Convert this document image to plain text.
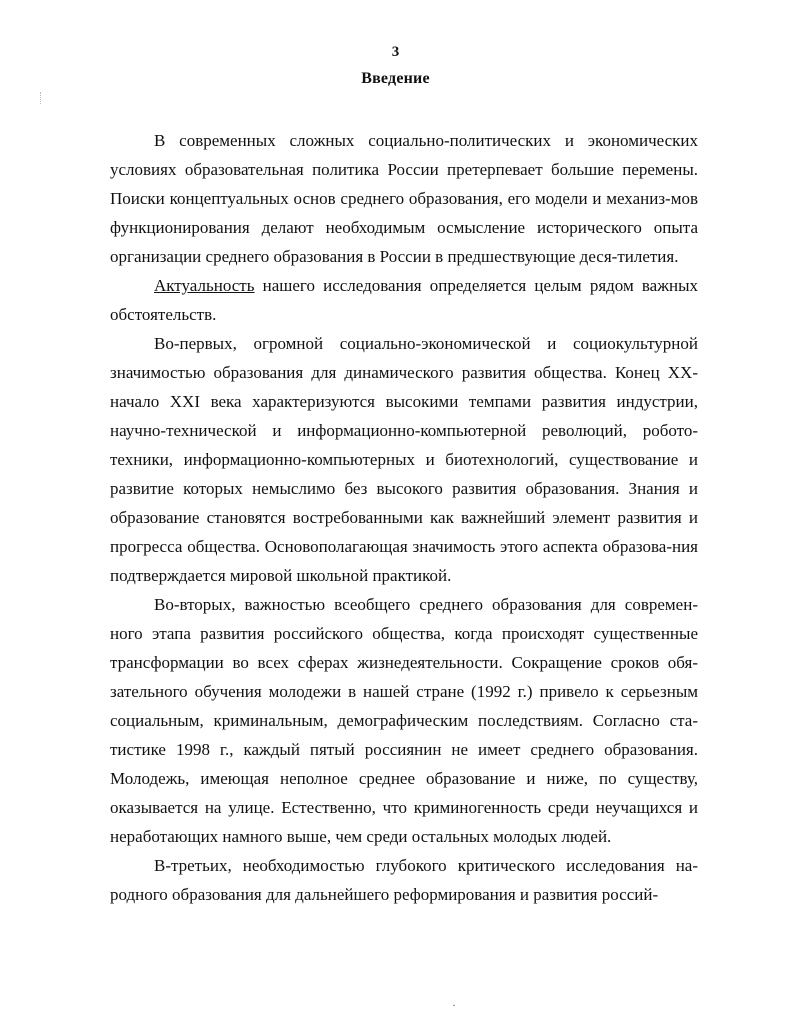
3
Введение

В современных сложных социально-политических и экономических условиях образовательная политика России претерпевает большие перемены. Поиски концептуальных основ среднего образования, его модели и механиз-мов функционирования делают необходимым осмысление исторического опыта организации среднего образования в России в предшествующие деся-тилетия.

Актуальность нашего исследования определяется целым рядом важных обстоятельств.

Во-первых, огромной социально-экономической и социокультурной значимостью образования для динамического развития общества. Конец XX-начало XXI века характеризуются высокими темпами развития индустрии, научно-технической и информационно-компьютерной революций, робото-техники, информационно-компьютерных и биотехнологий, существование и развитие которых немыслимо без высокого развития образования. Знания и образование становятся востребованными как важнейший элемент развития и прогресса общества. Основополагающая значимость этого аспекта образова-ния подтверждается мировой школьной практикой.

Во-вторых, важностью всеобщего среднего образования для современ-ного этапа развития российского общества, когда происходят существенные трансформации во всех сферах жизнедеятельности. Сокращение сроков обя-зательного обучения молодежи в нашей стране (1992 г.) привело к серьезным социальным, криминальным, демографическим последствиям. Согласно ста-тистике 1998 г., каждый пятый россиянин не имеет среднего образования. Молодежь, имеющая неполное среднее образование и ниже, по существу, оказывается на улице. Естественно, что криминогенность среди неучащихся и неработающих намного выше, чем среди остальных молодых людей.

В-третьих, необходимостью глубокого критического исследования на-родного образования для дальнейшего реформирования и развития россий-

·
